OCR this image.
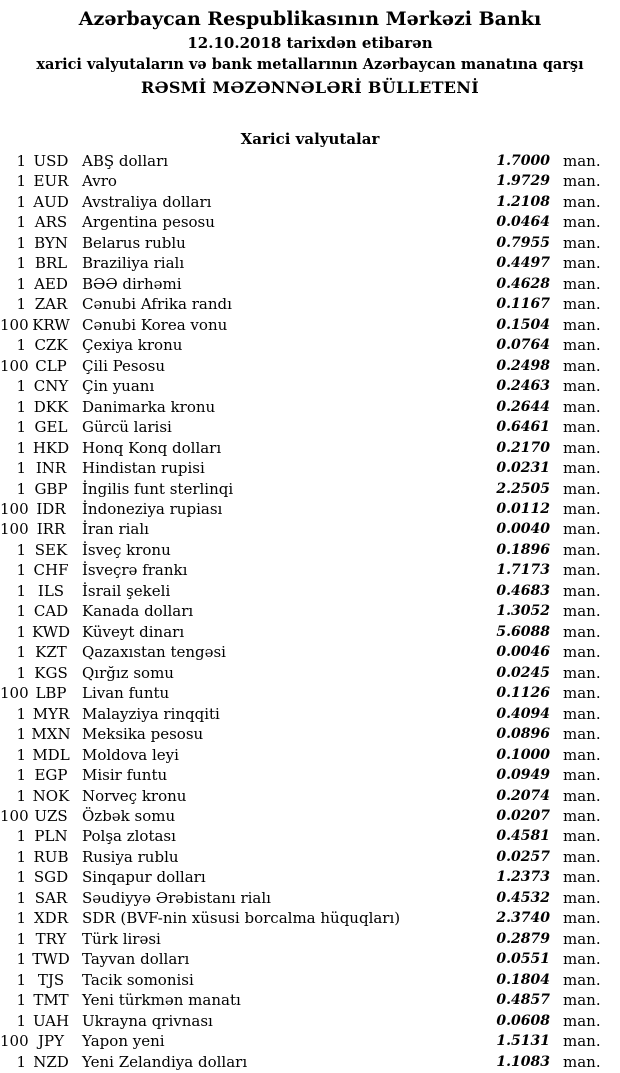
Azərbaycan Respublikasının Mərkəzi Bankı
12.10.2018 tarixdən etibarən
xarici valyutaların və bank metallarının Azərbaycan manatına qarşı
RƏSMİ MƏZƏNNƏLƏRİ BÜLLETENİ
Xarici valyutalar
1 USD ABŞ dolları	1.7000 man.
1 EUR Avro	1.9729 man.
1 AUD Avstraliya dolları	1.2108 man.
1 ARS Argentina pesosu	0.0464 man.
1 BYN Belarus rublu	0.7955 man.
1 BRL Braziliya rialı	0.4497 man.
1 AED BƏƏ dirhəmi	0.4628 man.
1 ZAR Cənubi Afrika randı	0.1167 man.
100 KRW Cənubi Korea vonu	0.1504 man.
1 CZK Çexiya kronu	0.0764 man.
100 CLP	Çili Pesosu	0.2498 man.
1 CNY Çin yuanı	0.2463 man.
1 DKK Danimarka kronu	0.2644 man.
1 GEL Gürcü larisi	0.6461 man.
1 HKD Honq Konq dolları	0.2170 man.
1 INR	Hindistan rupisi	0.0231 man.
1 GBP İngilis funt sterlinqi	2.2505 man.
100 IDR	İndoneziya rupiası	0.0112 man.
100 IRR	İran rialı	0.0040 man.
1 SEK İsveç kronu	0.1896 man.
1 CHF İsveçrə frankı	1.7173 man.
1 ILS	İsrail şekeli	0.4683 man.
1 CAD Kanada dolları	1.3052 man.
1 KWD Küveyt dinarı	5.6088 man.
1 KZT	Qazaxıstan tengəsi	0.0046 man.
1 KGS Qırğız somu	0.0245 man.
100 LBP	Livan funtu	0.1126 man.
1 MYR Malayziya rinqqiti	0.4094 man.
1 MXN Meksika pesosu	0.0896 man.
1 MDL Moldova leyi	0.1000 man.
1 EGP Misir funtu	0.0949 man.
1 NOK Norveç kronu	0.2074 man.
100 UZS Özbək somu	0.0207 man.
1 PLN Polşa zlotası	0.4581 man.
1 RUB Rusiya rublu	0.0257 man.
1 SGD Sinqapur dolları	1.2373 man.
1 SAR Səudiyyə Ərəbistanı rialı	0.4532 man.
1 XDR SDR (BVF-nin xüsusi borcalma hüquqları)	2.3740 man.
1 TRY	Türk lirəsi	0.2879 man.
1 TWD Tayvan dolları	0.0551 man.
1 TJS	Tacik somonisi	0.1804 man.
1 TMT Yeni türkmən manatı	0.4857 man.
1 UAH Ukrayna qrivnası	0.0608 man.
100 JPY	Yapon yeni	1.5131 man.
1 NZD Yeni Zelandiya dolları	1.1083 man.
